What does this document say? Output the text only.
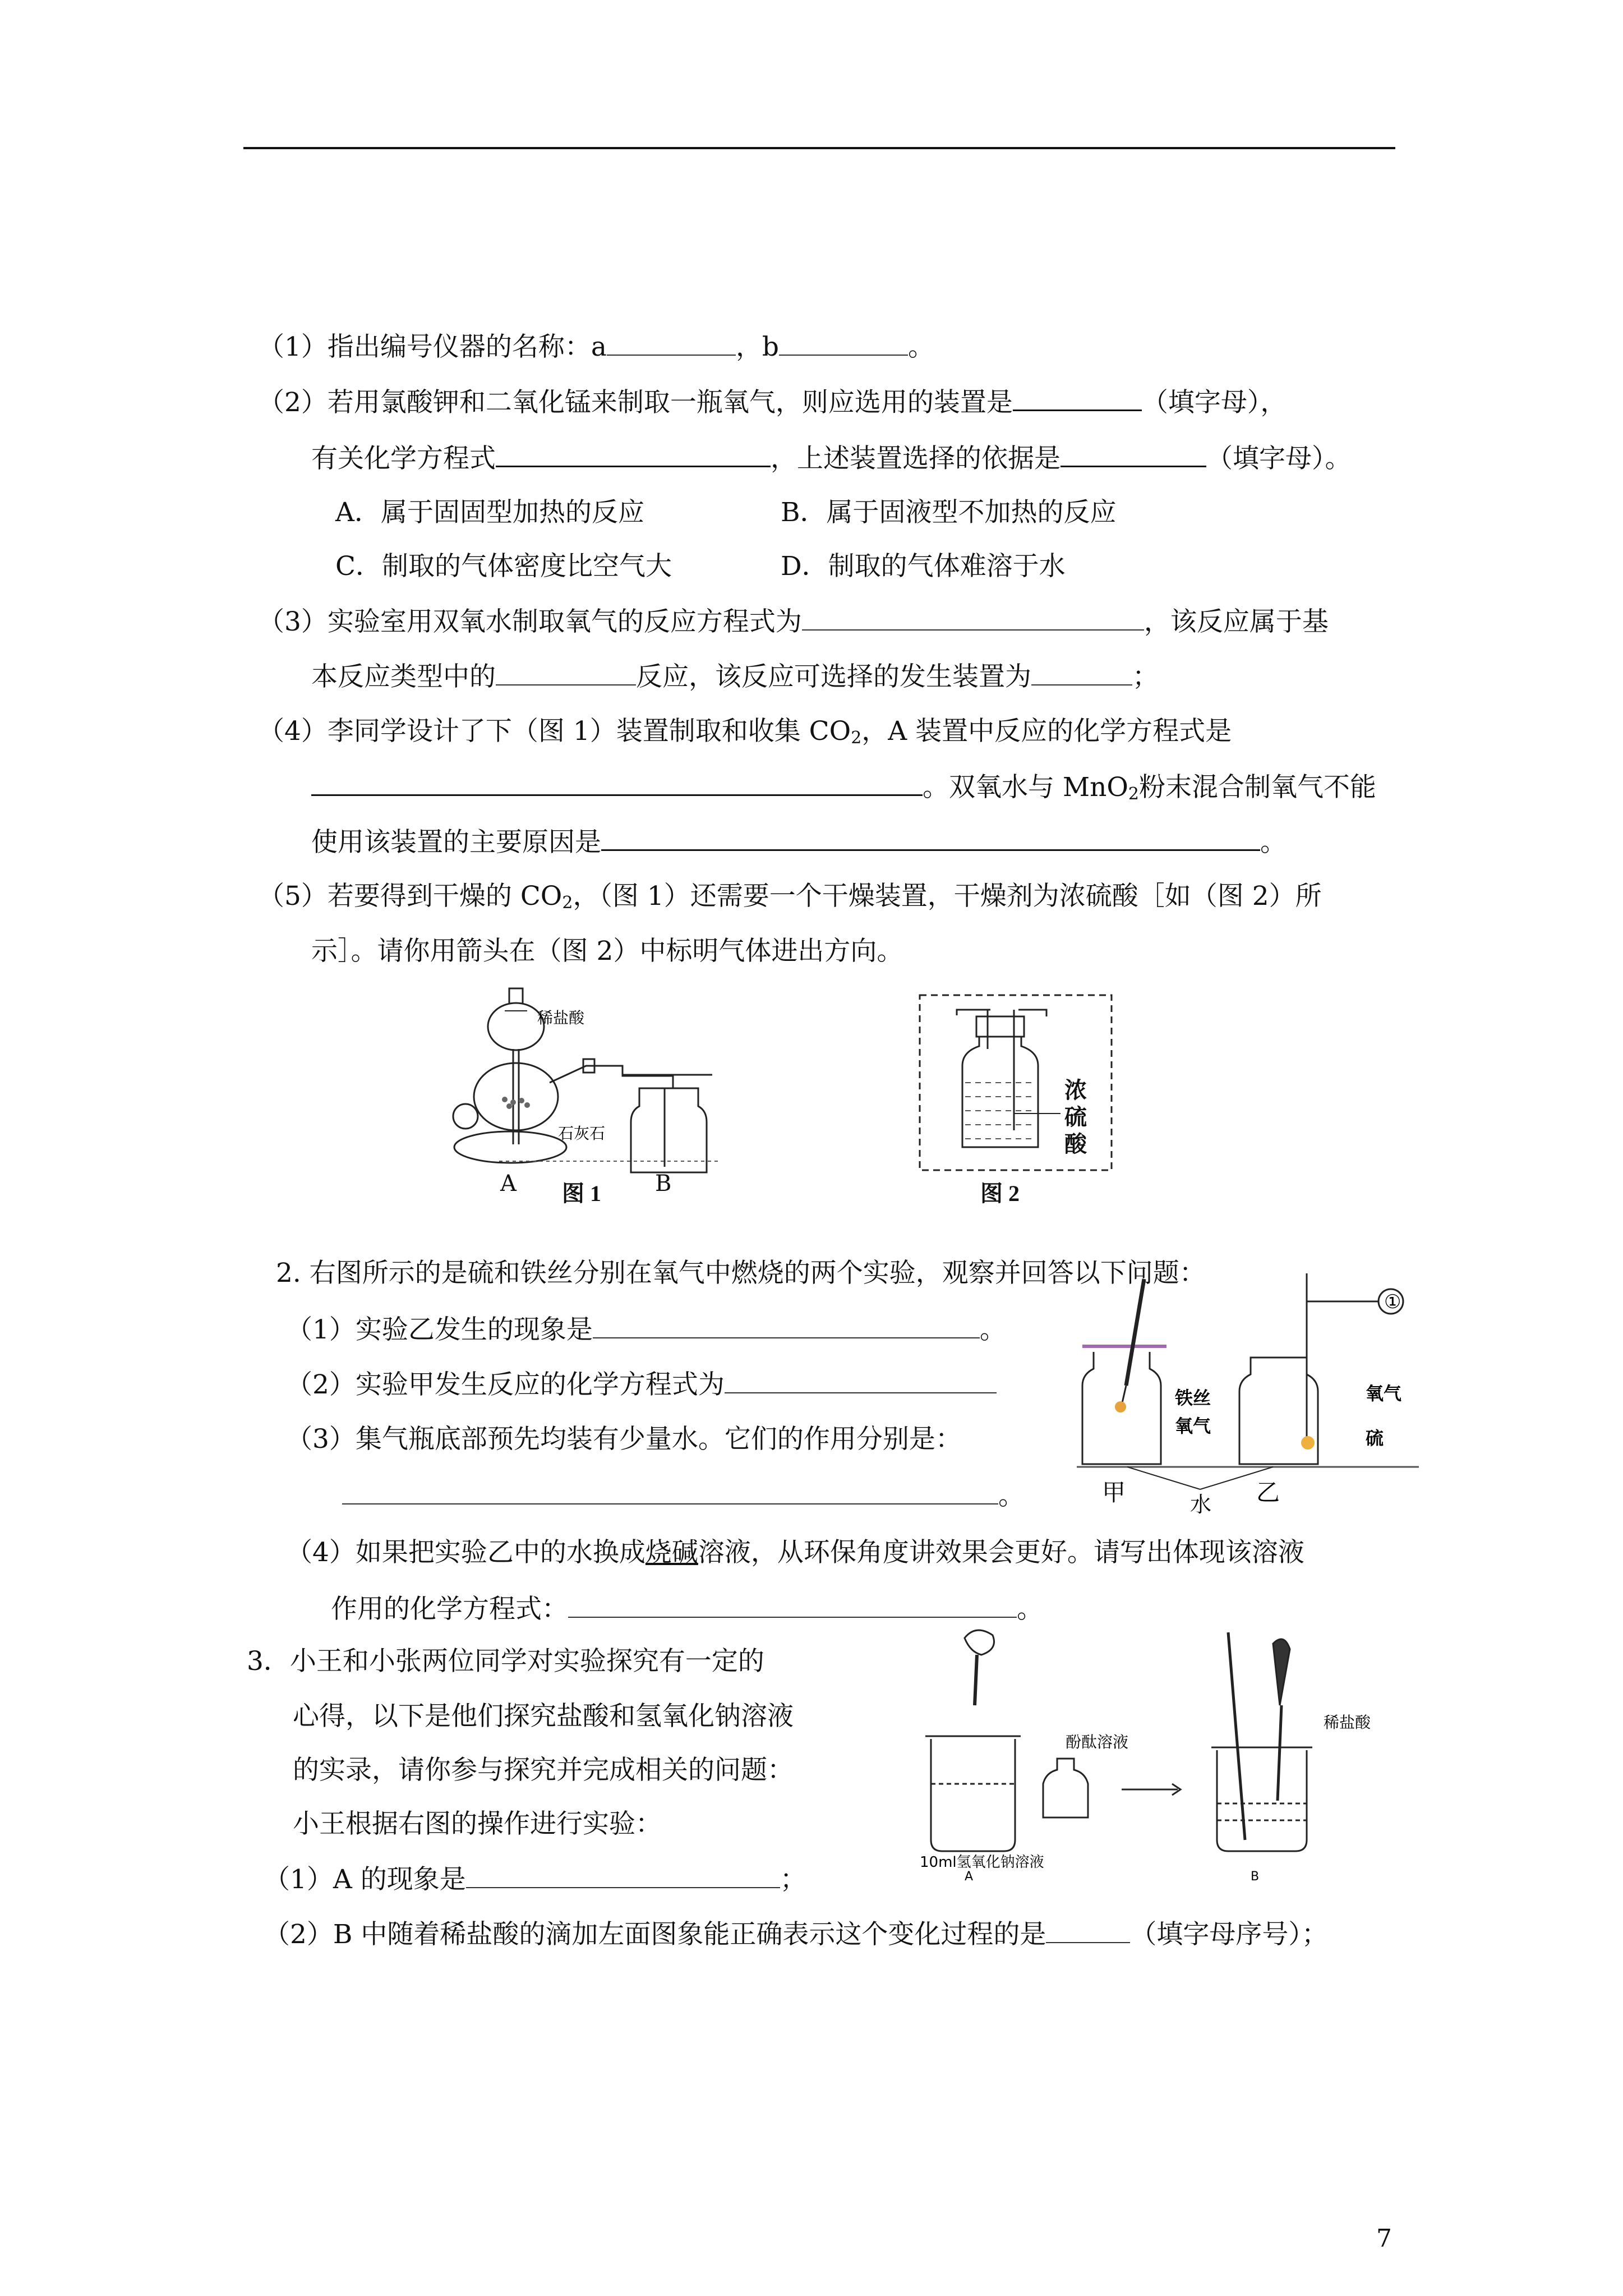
（1）指出编号仪器的名称：a	，b	。
（2）若用氯酸钾和二氧化锰来制取一瓶氧气，则应选用的装置是	（填字母），
有关化学方程式	，上述装置选择的依据是	（填字母）。
A．属于固固型加热的反应	B．属于固液型不加热的反应
C．制取的气体密度比空气大	D．制取的气体难溶于水
（3）实验室用双氧水制取氧气的反应方程式为	，该反应属于基
本反应类型中的	反应，该反应可选择的发生装置为	；
（4）李同学设计了下（图 1）装置制取和收集 $CO_2$，A 装置中反应的化学方程式是
。双氧水与 MnO$_2$粉末混合制氧气不能
使用该装置的主要原因是	。
（5）若要得到干燥的 $CO_2$，（图 1）还需要一个干燥装置，干燥剂为浓硫酸［如（图 2）所
示］。请你用箭头在（图 2）中标明气体进出方向。
稀盐酸
石灰石
A	B
图 1
浓硫酸
图 2
2. 右图所示的是硫和铁丝分别在氧气中燃烧的两个实验，观察并回答以下问题：
（1）实验乙发生的现象是	。
（2）实验甲发生反应的化学方程式为
（3）集气瓶底部预先均装有少量水。它们的作用分别是：
。
（4）如果把实验乙中的水换成烧碱溶液，从环保角度讲效果会更好。请写出体现该溶液
作用的化学方程式：	。
铁丝
氧气
氧气
硫
①
甲	乙
水
3．小王和小张两位同学对实验探究有一定的
心得，以下是他们探究盐酸和氢氧化钠溶液
的实录，请你参与探究并完成相关的问题：
小王根据右图的操作进行实验：
（1）A 的现象是	；
（2）B 中随着稀盐酸的滴加左面图象能正确表示这个变化过程的是	（填字母序号）；
酚酞溶液
稀盐酸
10ml氢氧化钠溶液
A	B
7
